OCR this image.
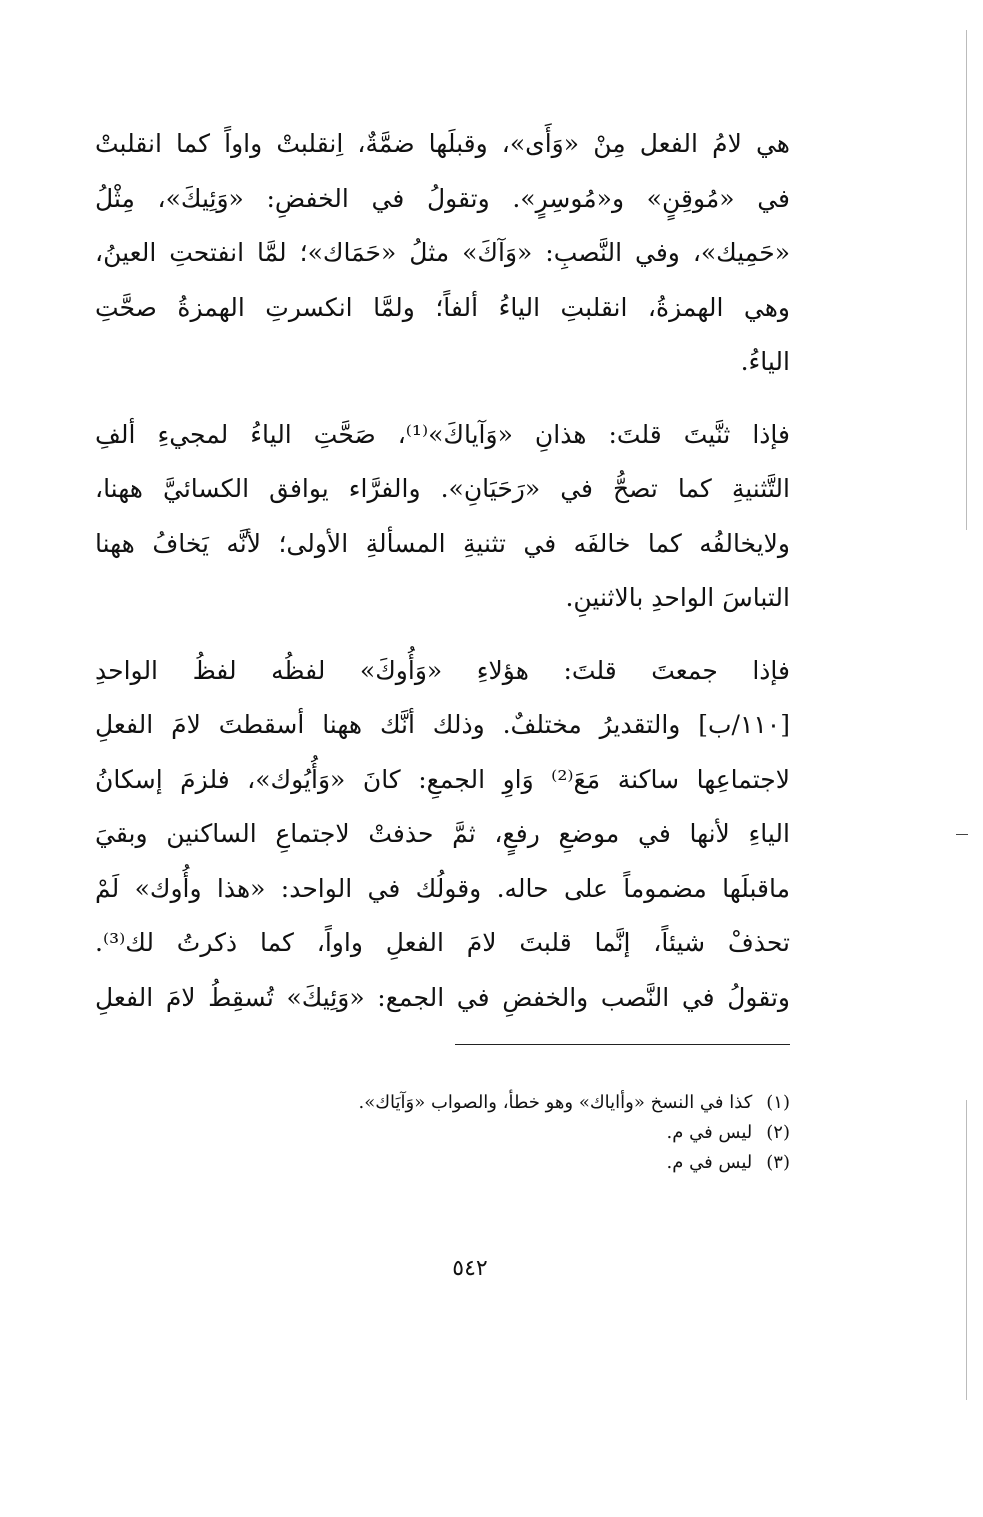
هي لامُ الفعل مِنْ «وَأَى»، وقبلَها ضمَّةٌ، اِنقلبتْ واواً كما انقلبتْ
في «مُوقِنٍ» و«مُوسِرٍ». وتقولُ في الخفضِ: «وَئِيكَ»، مِثْلُ
«حَمِيك»، وفي النَّصبِ: «وَآكَ» مثلُ «حَمَاك»؛ لمَّا انفتحتِ العينُ،
وهي الهمزةُ، انقلبتِ الياءُ ألفاً؛ ولمَّا انكسرتِ الهمزةُ صحَّتِ
الياءُ.
فإذا ثنَّيتَ قلتَ: هذانِ «وَآياكَ»⁽¹⁾، صَحَّتِ الياءُ لمجيءِ ألفِ
التَّثنيةِ كما تصحُّ في «رَحَيَانِ». والفرَّاء يوافق الكسائيَّ ههنا،
ولايخالفُه كما خالفَه في تثنيةِ المسألةِ الأولى؛ لأنَّه يَخافُ ههنا
التباسَ الواحدِ بالاثنينِ.
فإذا جمعتَ قلتَ: هؤلاءِ «وَأُوكَ» لفظُه لفظُ الواحدِ
[١١٠/ب] والتقديرُ مختلفٌ. وذلك أنَّك ههنا أسقطتَ لامَ الفعلِ
لاجتماعِها ساكنة مَعَ⁽²⁾ وَاوِ الجمعِ: كانَ «وَأُيُوك»، فلزمَ إسكانُ
الياءِ لأنها في موضعِ رفعٍ، ثمَّ حذفتْ لاجتماعِ الساكنين وبقيَ
ماقبلَها مضموماً على حاله. وقولُك في الواحد: «هذا وأُوك» لَمْ
تحذفْ شيئاً، إنَّما قلبتَ لامَ الفعلِ واواً، كما ذكرتُ لك⁽³⁾.
وتقولُ في النَّصب والخفضِ في الجمع: «وَئِيكَ» تُسقِطُ لامَ الفعلِ
(١)كذا في النسخ «وأاياك» وهو خطأ، والصواب «وَآيَاك».
(٢)ليس في م.
(٣)ليس في م.
٥٤٢
